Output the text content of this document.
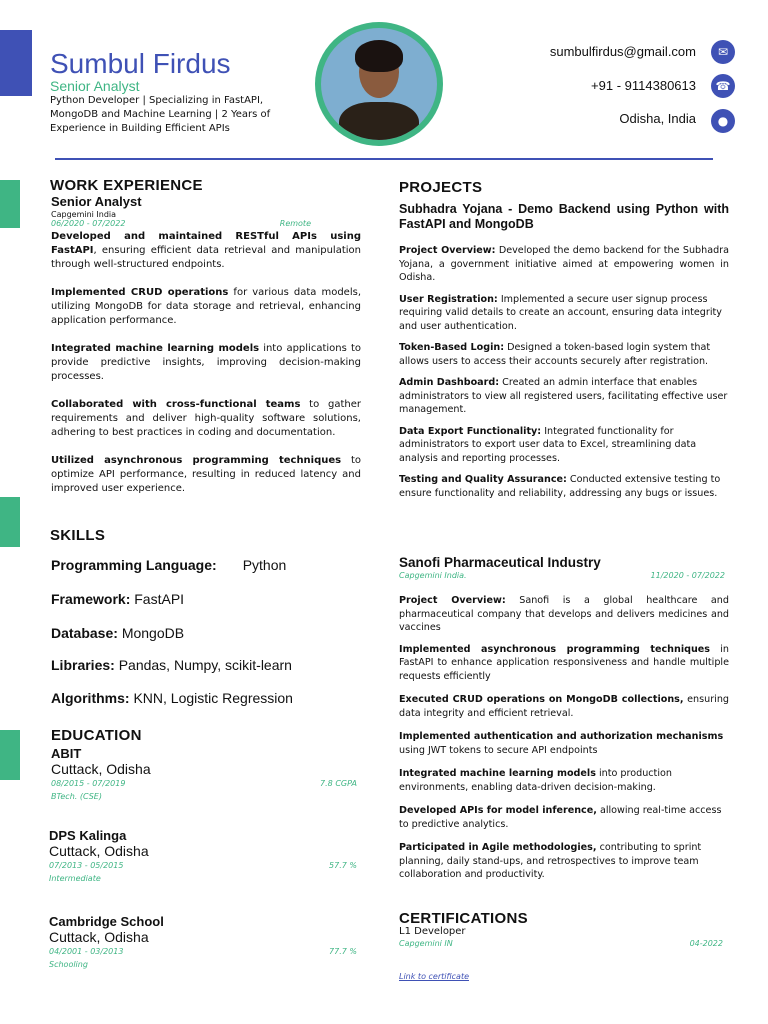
Sumbul Firdus
Senior Analyst
Python Developer | Specializing in FastAPI, MongoDB and Machine Learning | 2 Years of Experience in Building Efficient APIs
sumbulfirdus@gmail.com	✉
+91 - 9114380613	☎
Odisha, India	●
WORK EXPERIENCE
Senior Analyst
Capgemini India
06/2020 - 07/2022	Remote

Developed and maintained RESTful APIs using FastAPI, ensuring efficient data retrieval and manipulation through well-structured endpoints.

Implemented CRUD operations for various data models, utilizing MongoDB for data storage and retrieval, enhancing application performance.

Integrated machine learning models into applications to provide predictive insights, improving decision-making processes.

Collaborated with cross-functional teams to gather requirements and deliver high-quality software solutions, adhering to best practices in coding and documentation.

Utilized asynchronous programming techniques to optimize API performance, resulting in reduced latency and improved user experience.

SKILLS
Programming Language: Python
Framework: FastAPI
Database: MongoDB
Libraries: Pandas, Numpy, scikit-learn
Algorithms: KNN, Logistic Regression
EDUCATION
ABIT
Cuttack, Odisha
08/2015 - 07/2019	7.8 CGPA
BTech. (CSE)
DPS Kalinga
Cuttack, Odisha
07/2013 - 05/2015	57.7 %
Intermediate
Cambridge School
Cuttack, Odisha
04/2001 - 03/2013	77.7 %
Schooling
PROJECTS
Subhadra Yojana - Demo Backend using Python with FastAPI and MongoDB

Project Overview: Developed the demo backend for the Subhadra Yojana, a government initiative aimed at empowering women in Odisha.

User Registration: Implemented a secure user signup process requiring valid details to create an account, ensuring data integrity and user authentication.

Token-Based Login: Designed a token-based login system that allows users to access their accounts securely after registration.

Admin Dashboard: Created an admin interface that enables administrators to view all registered users, facilitating effective user management.

Data Export Functionality: Integrated functionality for administrators to export user data to Excel, streamlining data analysis and reporting processes.

Testing and Quality Assurance: Conducted extensive testing to ensure functionality and reliability, addressing any bugs or issues.

Sanofi Pharmaceutical Industry
Capgemini India.	11/2020 - 07/2022

Project Overview: Sanofi is a global healthcare and pharmaceutical company that develops and delivers medicines and vaccines

Implemented asynchronous programming techniques in FastAPI to enhance application responsiveness and handle multiple requests efficiently

Executed CRUD operations on MongoDB collections, ensuring data integrity and efficient retrieval.

Implemented authentication and authorization mechanisms using JWT tokens to secure API endpoints

Integrated machine learning models into production environments, enabling data-driven decision-making.

Developed APIs for model inference, allowing real-time access to predictive analytics.

Participated in Agile methodologies, contributing to sprint planning, daily stand-ups, and retrospectives to improve team collaboration and productivity.

CERTIFICATIONS
L1 Developer
Capgemini IN	04-2022
Link to certificate
